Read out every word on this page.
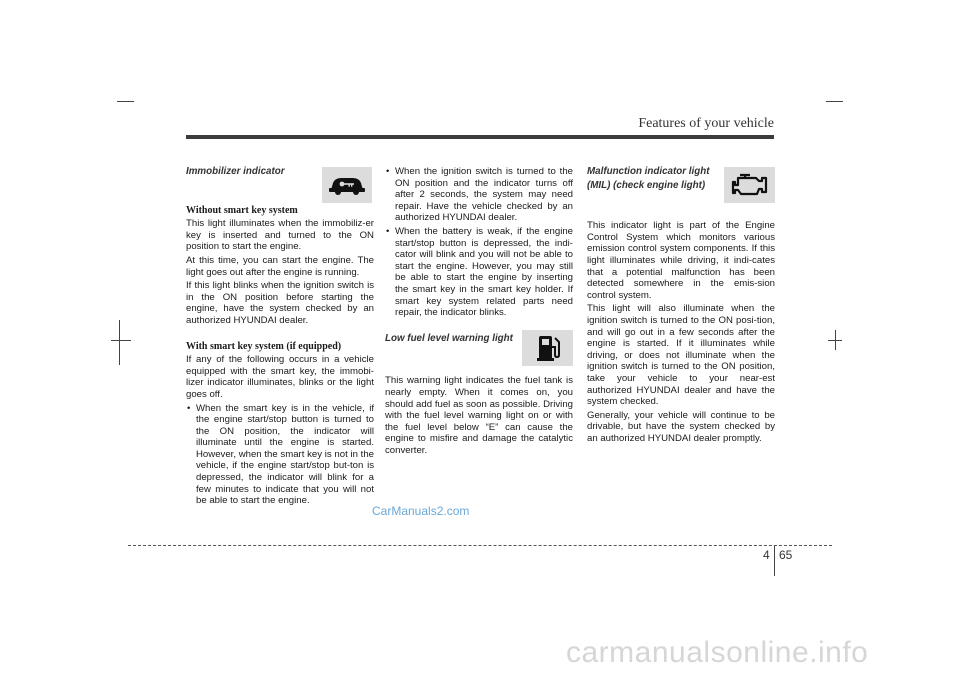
Features of your vehicle

Immobilizer indicator

Without smart key system

This light illuminates when the immobiliz-er key is inserted and turned to the ON position to start the engine.

At this time, you can start the engine. The light goes out after the engine is running.

If this light blinks when the ignition switch is in the ON position before starting the engine, have the system checked by an authorized HYUNDAI dealer.

With smart key system (if equipped)

If any of the following occurs in a vehicle equipped with the smart key, the immobi-lizer indicator illuminates, blinks or the light goes off.

• When the smart key is in the vehicle, if the engine start/stop button is turned to the ON position, the indicator will illuminate until the engine is started. However, when the smart key is not in the vehicle, if the engine start/stop but-ton is depressed, the indicator will blink for a few minutes to indicate that you will not be able to start the engine.

• When the ignition switch is turned to the ON position and the indicator turns off after 2 seconds, the system may need repair. Have the vehicle checked by an authorized HYUNDAI dealer.

• When the battery is weak, if the engine start/stop button is depressed, the indi-cator will blink and you will not be able to start the engine. However, you may still be able to start the engine by inserting the smart key in the smart key holder. If smart key system related parts need repair, the indicator blinks.

Low fuel level warning light

This warning light indicates the fuel tank is nearly empty. When it comes on, you should add fuel as soon as possible. Driving with the fuel level warning light on or with the fuel level below “E” can cause the engine to misfire and damage the catalytic converter.

Malfunction indicator light

(MIL) (check engine light)

This indicator light is part of the Engine Control System which monitors various emission control system components. If this light illuminates while driving, it indi-cates that a potential malfunction has been detected somewhere in the emis-sion control system.

This light will also illuminate when the ignition switch is turned to the ON posi-tion, and will go out in a few seconds after the engine is started. If it illuminates while driving, or does not illuminate when the ignition switch is turned to the ON position, take your vehicle to your near-est authorized HYUNDAI dealer and have the system checked.

Generally, your vehicle will continue to be drivable, but have the system checked by an authorized HYUNDAI dealer promptly.

CarManuals2.com
4 65
carmanualsonline.info
